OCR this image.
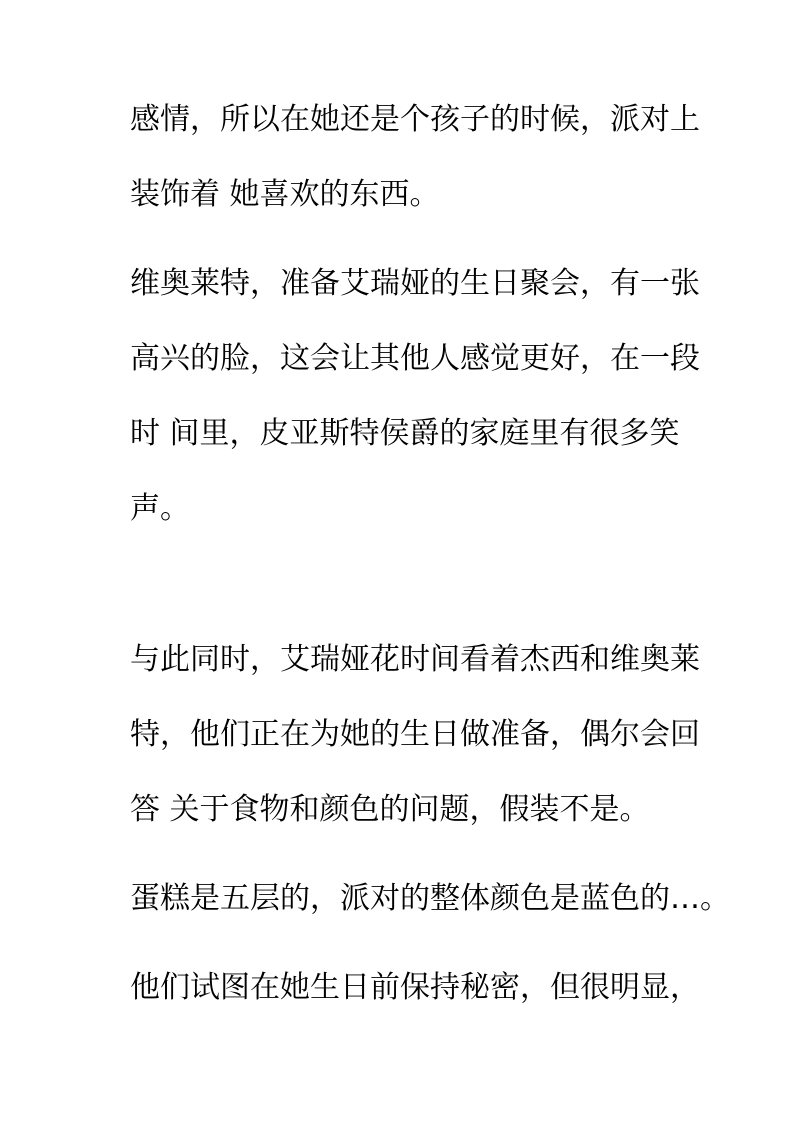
感情，所以在她还是个孩子的时候，派对上
装饰着 她喜欢的东西。
维奥莱特，准备艾瑞娅的生日聚会，有一张
高兴的脸，这会让其他人感觉更好，在一段
时 间里，皮亚斯特侯爵的家庭里有很多笑
声。
与此同时，艾瑞娅花时间看着杰西和维奥莱
特，他们正在为她的生日做准备，偶尔会回
答 关于食物和颜色的问题，假装不是。
蛋糕是五层的，派对的整体颜色是蓝色的…。
他们试图在她生日前保持秘密，但很明显，
